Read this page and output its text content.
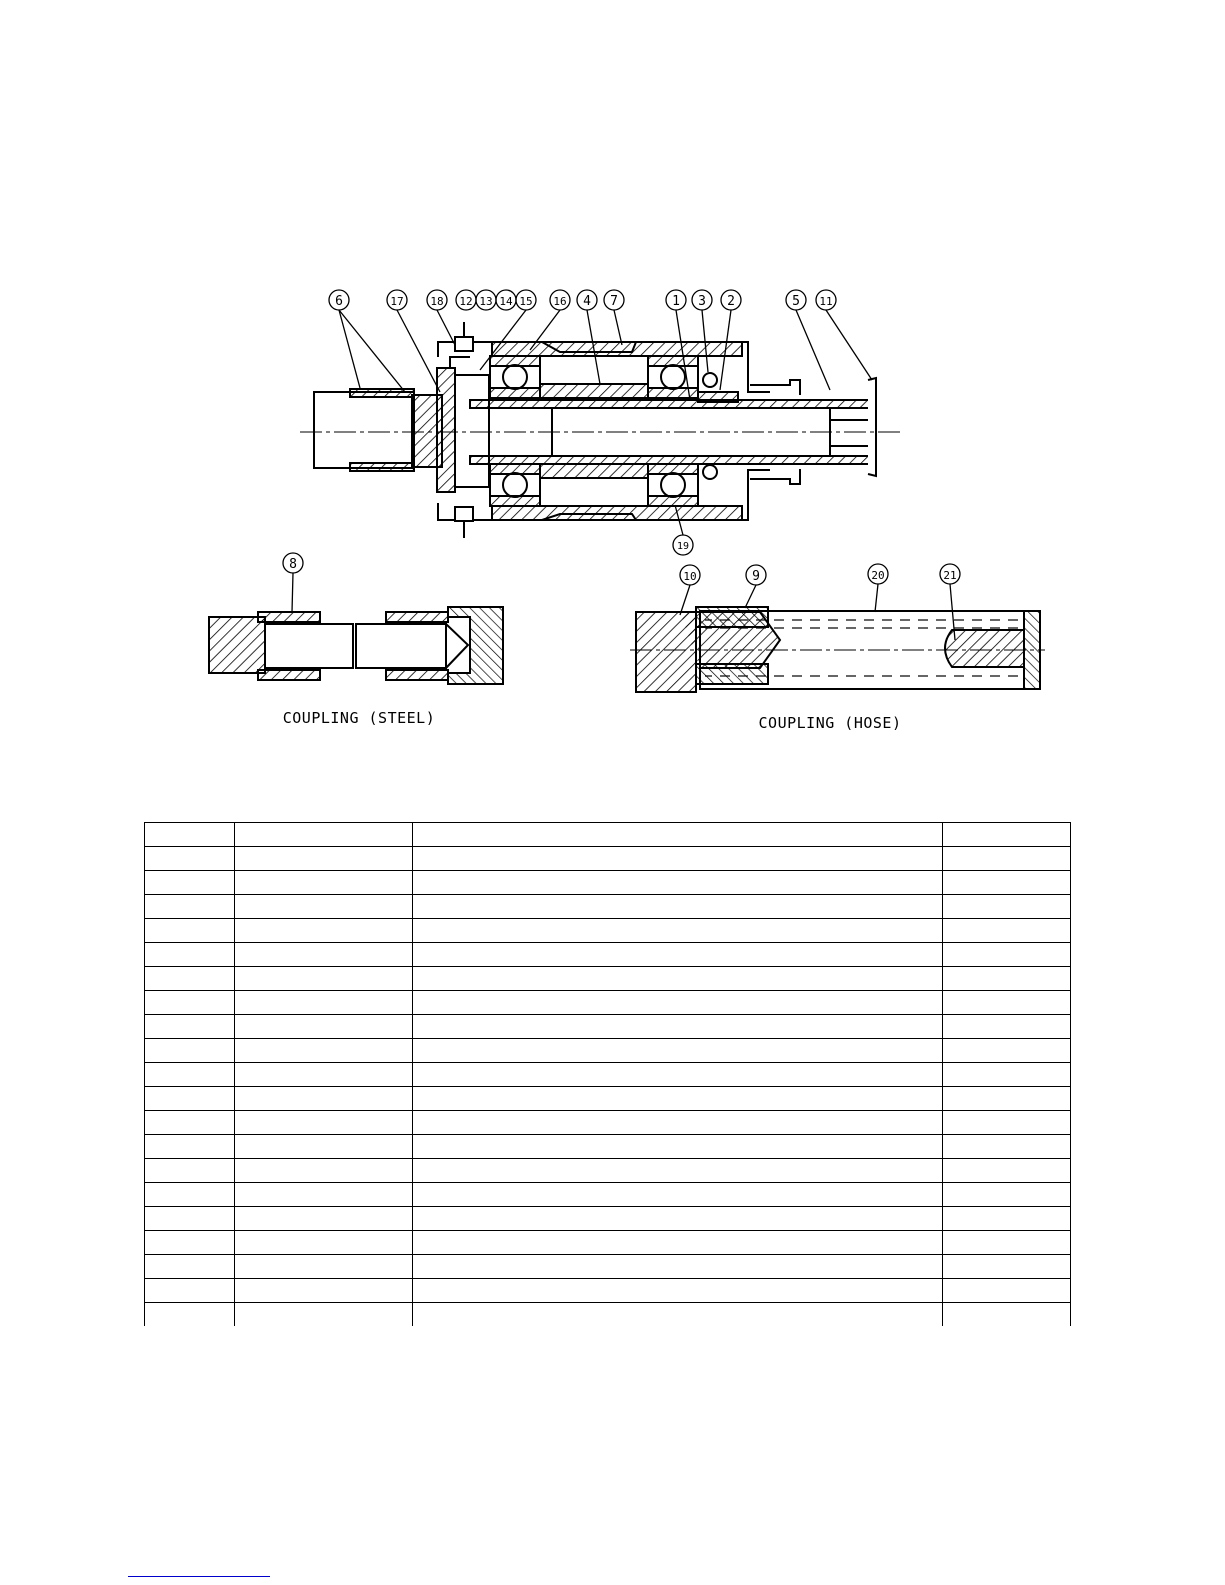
6	17 18 12 13 14 15 16 4 7	1 3 2	5 11
19
8
COUPLING (STEEL)
10	9	20	21
COUPLING (HOSE)
